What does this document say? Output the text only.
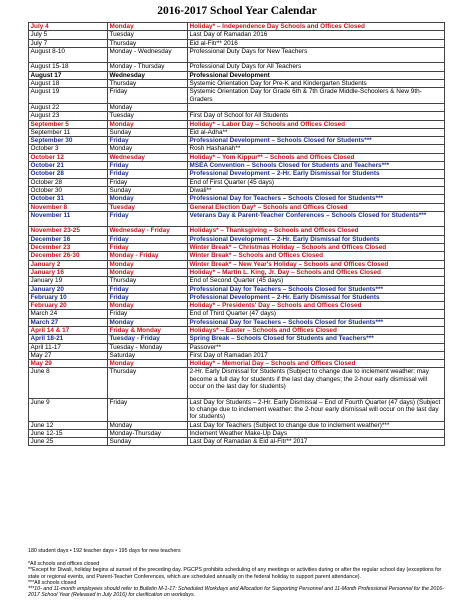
2016-2017 School Year Calendar
July 4	Monday	Holiday* – Independence Day Schools and Offices Closed
July 5	Tuesday	Last Day of Ramadan 2016
July 7	Thursday	Eid al-Fitr** 2016
August 8-10	Monday - Wednesday	Professional Duty Days for New Teachers
August 15-18	Monday - Thursday	Professional Duty Days for All Teachers
August 17	Wednesday	Professional Development
August 18	Thursday	Systemic Orientation Day for Pre-K and Kindergarten Students
August 19	Friday	Systemic Orientation Day for Grade 6th & 7th Grade Middle-Schoolers & New 9th-Graders
August 22	Monday	
August 23	Tuesday	First Day of School for All Students
September 5	Monday	Holiday* – Labor Day – Schools and Offices Closed
September 11	Sunday	Eid al-Adha**
September 30	Friday	Professional Development – Schools Closed for Students***
October 3	Monday	Rosh Hashanah**
October 12	Wednesday	Holiday* – Yom Kippur** – Schools and Offices Closed
October 21	Friday	MSEA Convention – Schools Closed for Students and Teachers***
October 28	Friday	Professional Development – 2-Hr. Early Dismissal for Students
October 28	Friday	End of First Quarter (45 days)
October 30	Sunday	Diwali**
October 31	Monday	Professional Day for Teachers – Schools Closed for Students***
November 8	Tuesday	General Election Day* – Schools and Offices Closed
November 11	Friday	Veterans Day & Parent-Teacher Conferences – Schools Closed for Students***
November 23-25	Wednesday - Friday	Holidays* – Thanksgiving – Schools and Offices Closed
December 16	Friday	Professional Development – 2-Hr. Early Dismissal for Students
December 23	Friday	Winter Break* – Christmas Holiday – Schools and Offices Closed
December 26-30	Monday - Friday	Winter Break* – Schools and Offices Closed
January 2	Monday	Winter Break* – New Year's Holiday – Schools and Offices Closed
January 16	Monday	Holiday* – Martin L. King, Jr. Day – Schools and Offices Closed
January 19	Thursday	End of Second Quarter (45 days)
January 20	Friday	Professional Day for Teachers – Schools Closed for Students***
February 10	Friday	Professional Development – 2-Hr. Early Dismissal for Students
February 20	Monday	Holiday* – Presidents' Day – Schools and Offices Closed
March 24	Friday	End of Third Quarter (47 days)
March 27	Monday	Professional Day for Teachers – Schools Closed for Students***
April 14 & 17	Friday & Monday	Holidays* – Easter – Schools and Offices Closed
April 18-21	Tuesday - Friday	Spring Break – Schools Closed for Students and Teachers***
April 11-17	Tuesday - Monday	Passover**
May 27	Saturday	First Day of Ramadan 2017
May 29	Monday	Holiday* – Memorial Day – Schools and Offices Closed
June 8	Thursday	2-Hr. Early Dismissal for Students (Subject to change due to inclement weather: may become a full day for students if the last day changes; the 2-hour early dismissal will occur on the last day for students)
June 9	Friday	Last Day for Students – 2-Hr. Early Dismissal – End of Fourth Quarter (47 days) (Subject to change due to inclement weather: the 2-hour early dismissal will occur on the last day for students)
June 12	Monday	Last Day for Teachers (Subject to change due to inclement weather)***
June 12-15	Monday-Thursday	Inclement Weather Make-Up Days
June 25	Sunday	Last Day of Ramadan & Eid al-Fitr** 2017
180 student days • 192 teacher days • 195 days for new teachers
*All schools and offices closed
**Except for Diwali, holiday begins at sunset of the preceding day. PGCPS prohibits scheduling of any meetings or activities during or after the regular school day (exceptions for state or regional events, and Parent-Teacher Conferences, which are scheduled annually on the federal holiday to support parent attendance).
***All schools closed
***10- and 11-month employees should refer to Bulletin M-1-17: Scheduled Workdays and Allocation for Supporting Personnel and 11-Month Professional Personnel for the 2016-2017 School Year (Released in July 2016) for clarification on workdays.
